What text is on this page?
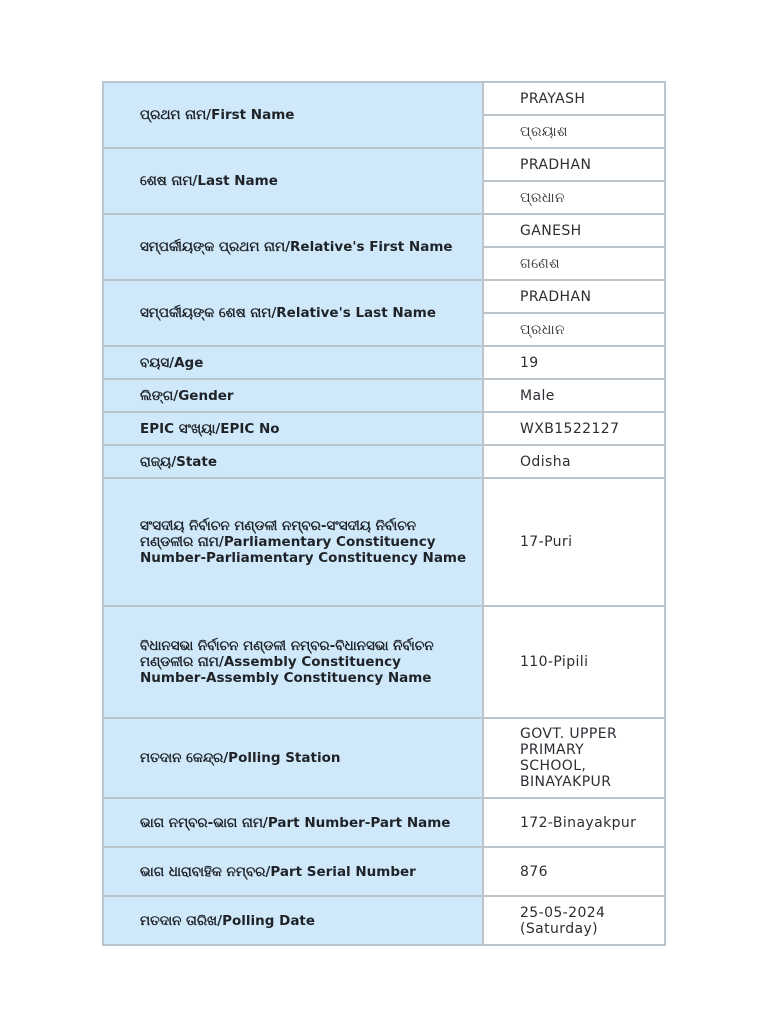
ପ୍ରଥମ ନାମ/First Name	PRAYASH
	ପ୍ରୟାଶ
ଶେଷ ନାମ/Last Name	PRADHAN
	ପ୍ରଧାନ
ସମ୍ପର୍କୀୟଙ୍କ ପ୍ରଥମ ନାମ/Relative's First Name	GANESH
	ଗଣେଶ
ସମ୍ପର୍କୀୟଙ୍କ ଶେଷ ନାମ/Relative's Last Name	PRADHAN
	ପ୍ରଧାନ
ବୟସ/Age	19
ଲିଙ୍ଗ/Gender	Male
EPIC ସଂଖ୍ୟା/EPIC No	WXB1522127
ରାଜ୍ୟ/State	Odisha
ସଂସଦୀୟ ନିର୍ବାଚନ ମଣ୍ଡଳୀ ନମ୍ବର-ସଂସଦୀୟ ନିର୍ବାଚନ ମଣ୍ଡଳୀର ନାମ/Parliamentary Constituency Number-Parliamentary Constituency Name	17-Puri
ବିଧାନସଭା ନିର୍ବାଚନ ମଣ୍ଡଳୀ ନମ୍ବର-ବିଧାନସଭା ନିର୍ବାଚନ ମଣ୍ଡଳୀର ନାମ/Assembly Constituency Number-Assembly Constituency Name	110-Pipili
ମତଦାନ କେନ୍ଦ୍ର/Polling Station	GOVT. UPPER PRIMARY SCHOOL, BINAYAKPUR
ଭାଗ ନମ୍ବର-ଭାଗ ନାମ/Part Number-Part Name	172-Binayakpur
ଭାଗ ଧାରାବାହିକ ନମ୍ବର/Part Serial Number	876
ମତଦାନ ତାରିଖ/Polling Date	25-05-2024 (Saturday)
